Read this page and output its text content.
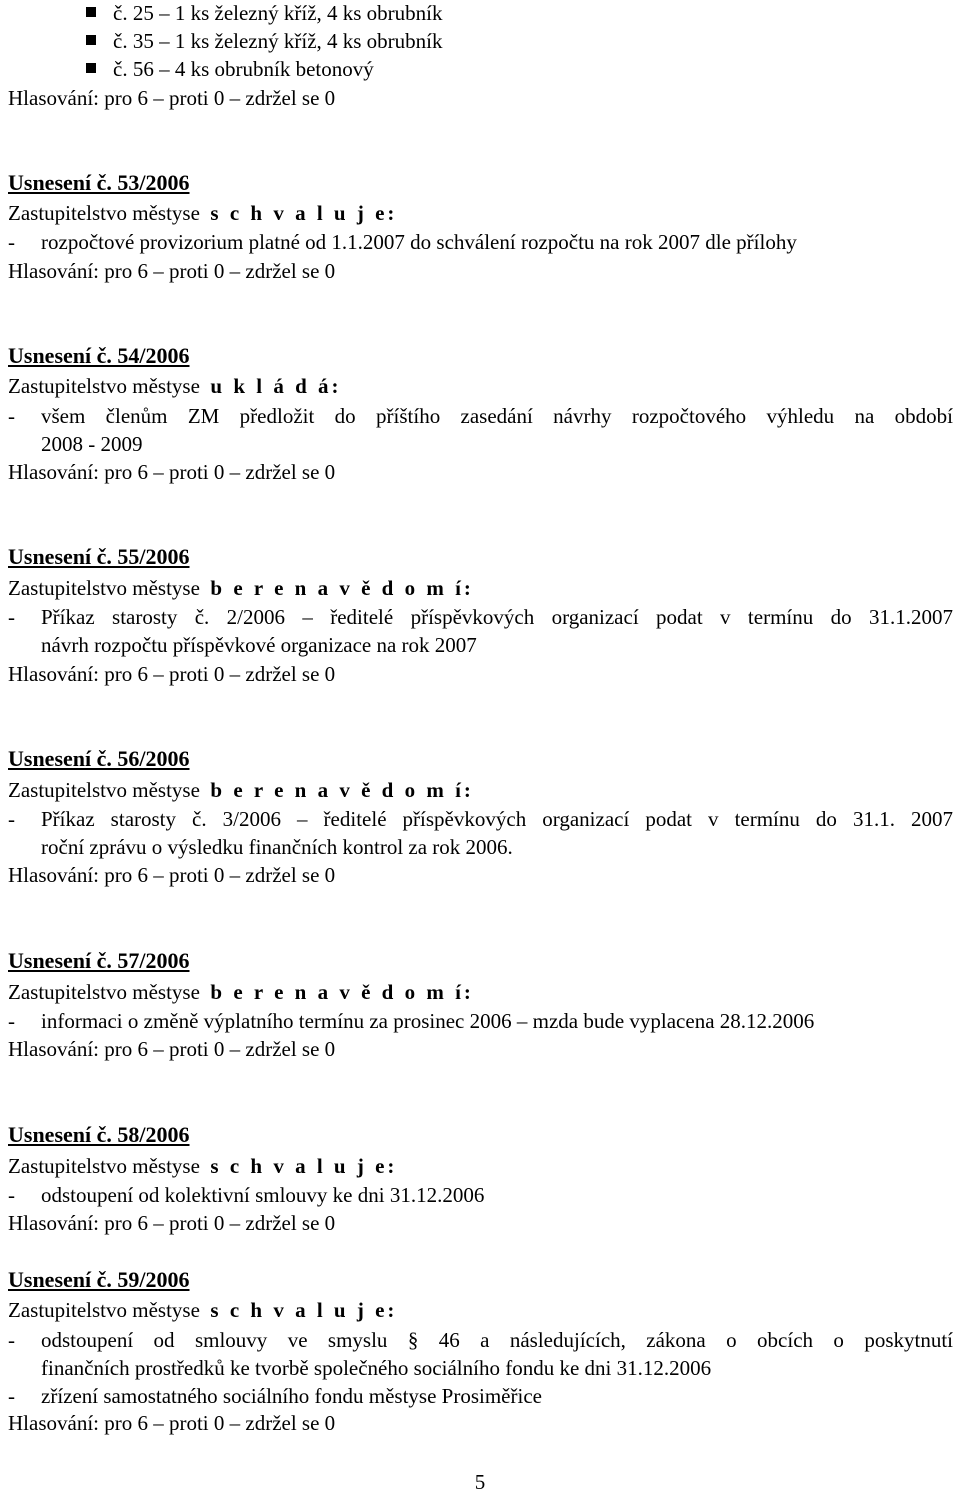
č. 25 – 1 ks železný kříž, 4 ks obrubník
č. 35 – 1 ks železný kříž, 4 ks obrubník
č. 56 – 4 ks obrubník betonový
Hlasování: pro 6 – proti 0 – zdržel se 0
Usnesení č. 53/2006
Zastupitelstvo městyse s c h v a l u j e:
- rozpočtové provizorium platné od 1.1.2007 do schválení rozpočtu na rok 2007 dle přílohy
Hlasování: pro 6 – proti 0 – zdržel se 0
Usnesení č. 54/2006
Zastupitelstvo městyse u k l á d á:
- všem členům ZM předložit do příštího zasedání návrhy rozpočtového výhledu na období
2008 - 2009
Hlasování: pro 6 – proti 0 – zdržel se 0
Usnesení č. 55/2006
Zastupitelstvo městyse b e r e n a v ě d o m í:
- Příkaz starosty č. 2/2006 – ředitelé příspěvkových organizací podat v termínu do 31.1.2007
návrh rozpočtu příspěvkové organizace na rok 2007
Hlasování: pro 6 – proti 0 – zdržel se 0
Usnesení č. 56/2006
Zastupitelstvo městyse b e r e n a v ě d o m í:
- Příkaz starosty č. 3/2006 – ředitelé příspěvkových organizací podat v termínu do 31.1. 2007
roční zprávu o výsledku finančních kontrol za rok 2006.
Hlasování: pro 6 – proti 0 – zdržel se 0
Usnesení č. 57/2006
Zastupitelstvo městyse b e r e n a v ě d o m í:
- informaci o změně výplatního termínu za prosinec 2006 – mzda bude vyplacena 28.12.2006
Hlasování: pro 6 – proti 0 – zdržel se 0
Usnesení č. 58/2006
Zastupitelstvo městyse s c h v a l u j e:
- odstoupení od kolektivní smlouvy ke dni 31.12.2006
Hlasování: pro 6 – proti 0 – zdržel se 0
Usnesení č. 59/2006
Zastupitelstvo městyse s c h v a l u j e:
- odstoupení od smlouvy ve smyslu § 46 a následujících, zákona o obcích o poskytnutí
finančních prostředků ke tvorbě společného sociálního fondu ke dni 31.12.2006
- zřízení samostatného sociálního fondu městyse Prosiměřice
Hlasování: pro 6 – proti 0 – zdržel se 0
5
